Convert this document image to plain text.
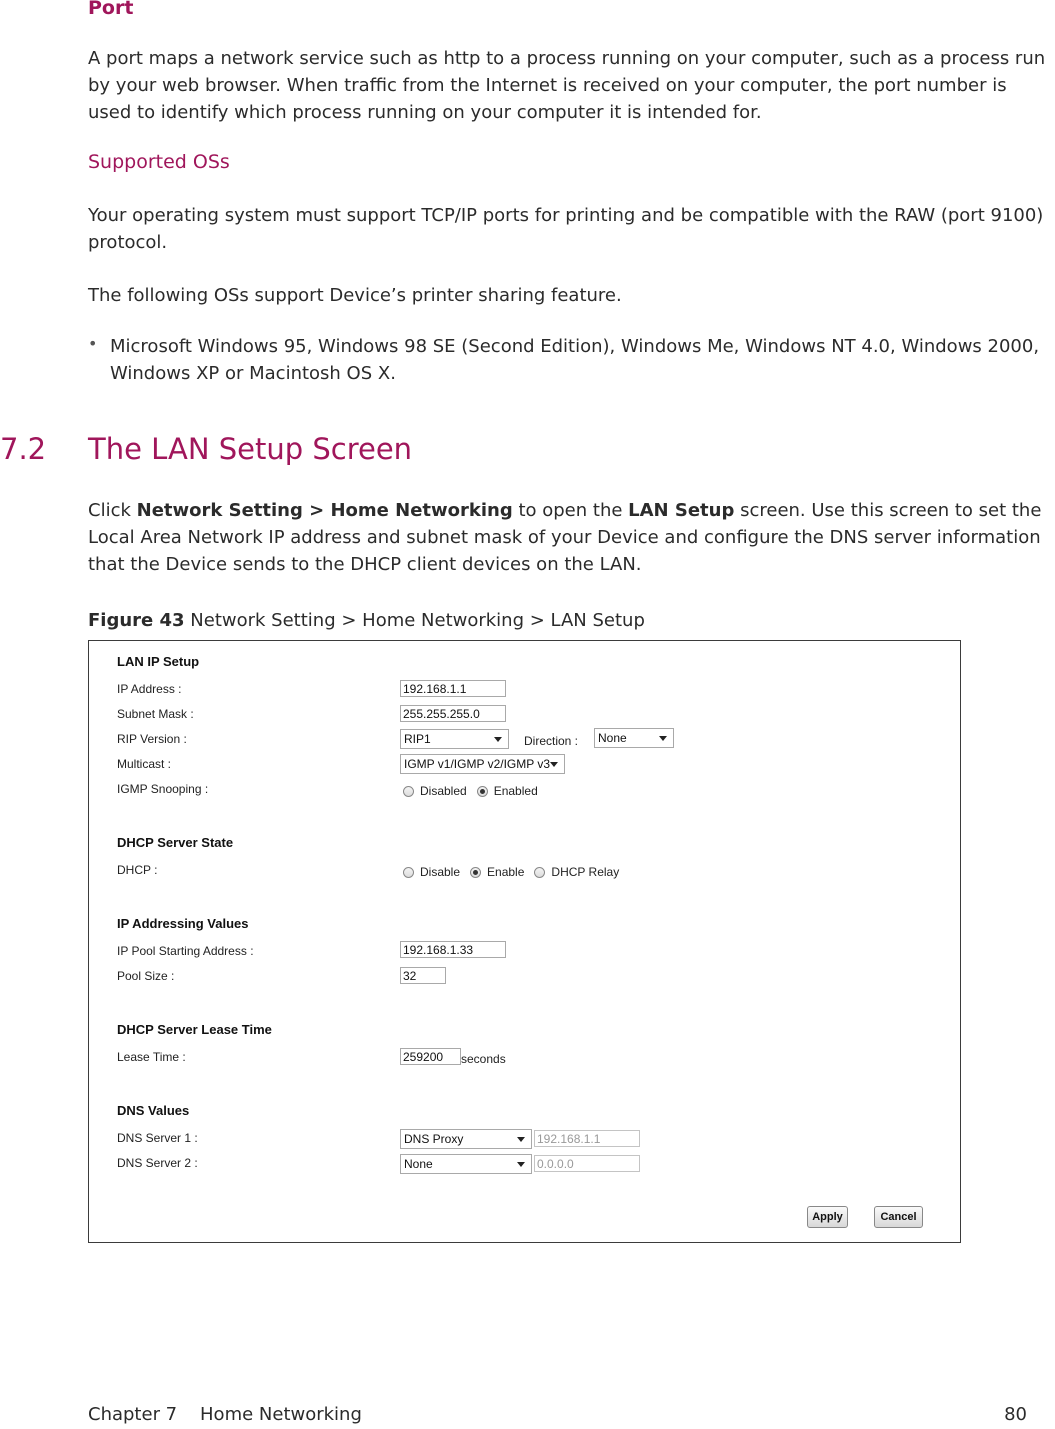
Port

A port maps a network service such as http to a process running on your computer, such as a process run by your web browser. When traffic from the Internet is received on your computer, the port number is used to identify which process running on your computer it is intended for.

Supported OSs

Your operating system must support TCP/IP ports for printing and be compatible with the RAW (port 9100) protocol.

The following OSs support Device’s printer sharing feature.

• Microsoft Windows 95, Windows 98 SE (Second Edition), Windows Me, Windows NT 4.0, Windows 2000, Windows XP or Macintosh OS X.

7.2 The LAN Setup Screen

Click Network Setting > Home Networking to open the LAN Setup screen. Use this screen to set the Local Area Network IP address and subnet mask of your Device and configure the DNS server information that the Device sends to the DHCP client devices on the LAN.

Figure 43 Network Setting > Home Networking > LAN Setup

LAN IP Setup
IP Address :	192.168.1.1
Subnet Mask :	255.255.255.0
RIP Version :	RIP1	Direction :	None
Multicast :	IGMP v1/IGMP v2/IGMP v3
IGMP Snooping :	Disabled Enabled
DHCP Server State
DHCP :	Disable Enable DHCP Relay
IP Addressing Values
IP Pool Starting Address :	192.168.1.33
Pool Size :	32
DHCP Server Lease Time
Lease Time :	259200	seconds
DNS Values
DNS Server 1 :	DNS Proxy	192.168.1.1
DNS Server 2 :	None	0.0.0.0
Apply	Cancel
Chapter 7    Home Networking	80
